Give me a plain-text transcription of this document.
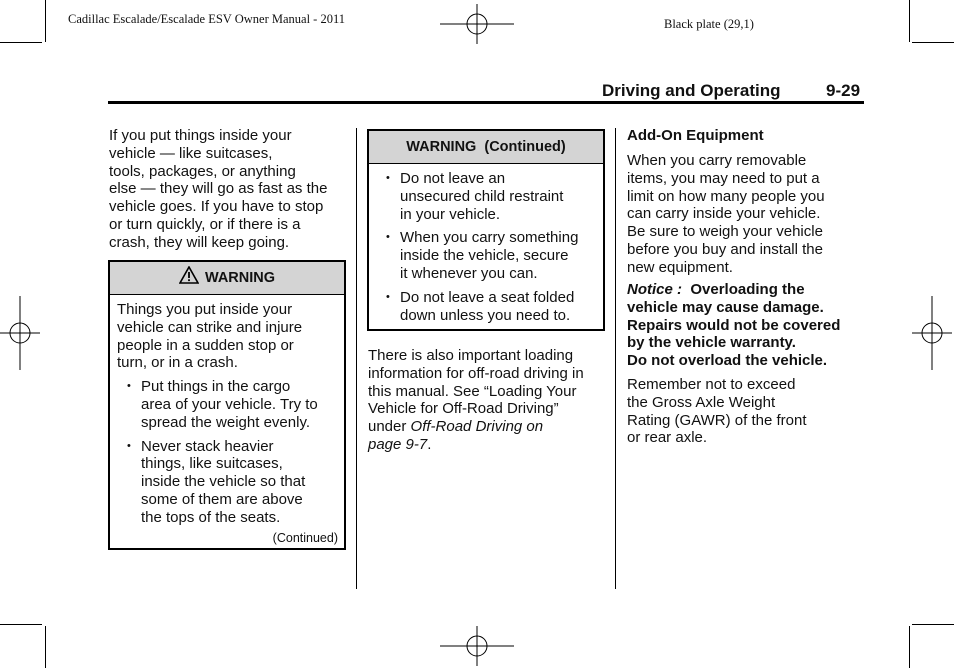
Cadillac Escalade/Escalade ESV Owner Manual - 2011	Black plate (29,1)
Driving and Operating	9-29
If you put things inside your
vehicle — like suitcases,
tools, packages, or anything
else — they will go as fast as the
vehicle goes. If you have to stop
or turn quickly, or if there is a
crash, they will keep going.
WARNING
Things you put inside your
vehicle can strike and injure
people in a sudden stop or
turn, or in a crash.
• Put things in the cargo
area of your vehicle. Try to
spread the weight evenly.
• Never stack heavier
things, like suitcases,
inside the vehicle so that
some of them are above
the tops of the seats.
(Continued)
WARNING  (Continued)
• Do not leave an
unsecured child restraint
in your vehicle.
• When you carry something
inside the vehicle, secure
it whenever you can.
• Do not leave a seat folded
down unless you need to.
There is also important loading
information for off-road driving in
this manual. See “Loading Your
Vehicle for Off-Road Driving”
under Off-Road Driving on
page 9-7.
Add-On Equipment
When you carry removable
items, you may need to put a
limit on how many people you
can carry inside your vehicle.
Be sure to weigh your vehicle
before you buy and install the
new equipment.
Notice : Overloading the
vehicle may cause damage.
Repairs would not be covered
by the vehicle warranty.
Do not overload the vehicle.
Remember not to exceed
the Gross Axle Weight
Rating (GAWR) of the front
or rear axle.
